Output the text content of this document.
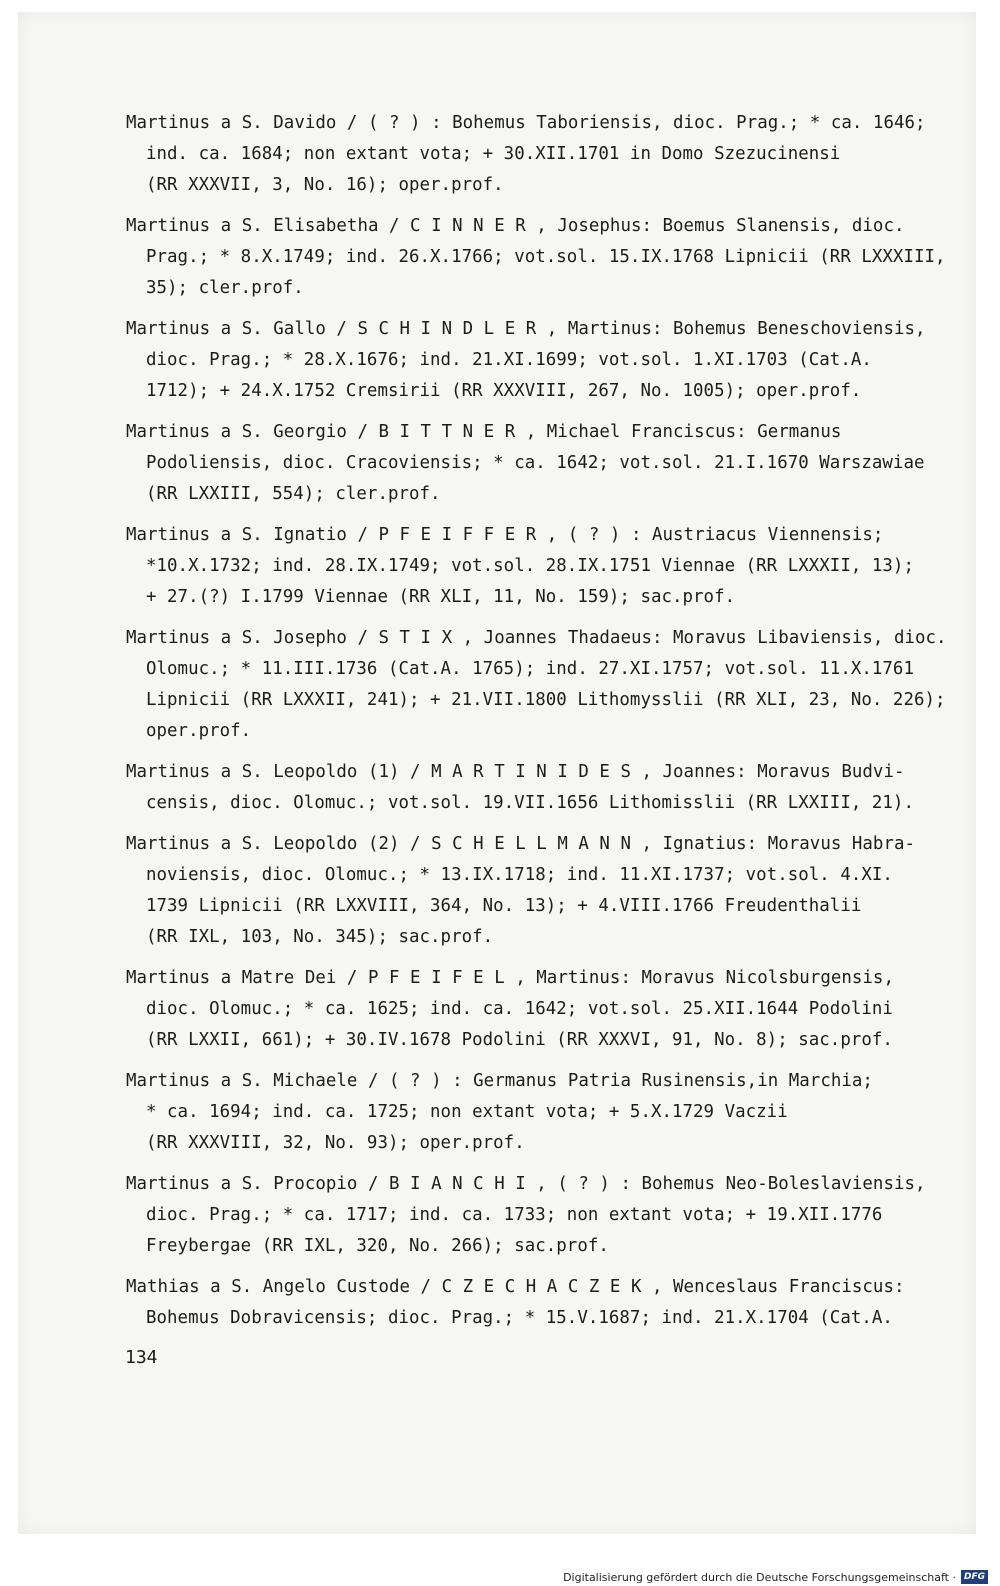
Martinus a S. Davido / ( ? ) : Bohemus Taboriensis, dioc. Prag.; * ca. 1646;
ind. ca. 1684; non extant vota; + 30.XII.1701 in Domo Szezucinensi
(RR XXXVII, 3, No. 16); oper.prof.
Martinus a S. Elisabetha / C I N N E R , Josephus: Boemus Slanensis, dioc.
Prag.; * 8.X.1749; ind. 26.X.1766; vot.sol. 15.IX.1768 Lipnicii (RR LXXXIII,
35); cler.prof.
Martinus a S. Gallo / S C H I N D L E R , Martinus: Bohemus Beneschoviensis,
dioc. Prag.; * 28.X.1676; ind. 21.XI.1699; vot.sol. 1.XI.1703 (Cat.A.
1712); + 24.X.1752 Cremsirii (RR XXXVIII, 267, No. 1005); oper.prof.
Martinus a S. Georgio / B I T T N E R , Michael Franciscus: Germanus
Podoliensis, dioc. Cracoviensis; * ca. 1642; vot.sol. 21.I.1670 Warszawiae
(RR LXXIII, 554); cler.prof.
Martinus a S. Ignatio / P F E I F F E R , ( ? ) : Austriacus Viennensis;
*10.X.1732; ind. 28.IX.1749; vot.sol. 28.IX.1751 Viennae (RR LXXXII, 13);
+ 27.(?) I.1799 Viennae (RR XLI, 11, No. 159); sac.prof.
Martinus a S. Josepho / S T I X , Joannes Thadaeus: Moravus Libaviensis, dioc.
Olomuc.; * 11.III.1736 (Cat.A. 1765); ind. 27.XI.1757; vot.sol. 11.X.1761
Lipnicii (RR LXXXII, 241); + 21.VII.1800 Lithomysslii (RR XLI, 23, No. 226);
oper.prof.
Martinus a S. Leopoldo (1) / M A R T I N I D E S , Joannes: Moravus Budvi-
censis, dioc. Olomuc.; vot.sol. 19.VII.1656 Lithomisslii (RR LXXIII, 21).
Martinus a S. Leopoldo (2) / S C H E L L M A N N , Ignatius: Moravus Habra-
noviensis, dioc. Olomuc.; * 13.IX.1718; ind. 11.XI.1737; vot.sol. 4.XI.
1739 Lipnicii (RR LXXVIII, 364, No. 13); + 4.VIII.1766 Freudenthalii
(RR IXL, 103, No. 345); sac.prof.
Martinus a Matre Dei / P F E I F E L , Martinus: Moravus Nicolsburgensis,
dioc. Olomuc.; * ca. 1625; ind. ca. 1642; vot.sol. 25.XII.1644 Podolini
(RR LXXII, 661); + 30.IV.1678 Podolini (RR XXXVI, 91, No. 8); sac.prof.
Martinus a S. Michaele / ( ? ) : Germanus Patria Rusinensis,in Marchia;
* ca. 1694; ind. ca. 1725; non extant vota; + 5.X.1729 Vaczii
(RR XXXVIII, 32, No. 93); oper.prof.
Martinus a S. Procopio / B I A N C H I , ( ? ) : Bohemus Neo-Boleslaviensis,
dioc. Prag.; * ca. 1717; ind. ca. 1733; non extant vota; + 19.XII.1776
Freybergae (RR IXL, 320, No. 266); sac.prof.
Mathias a S. Angelo Custode / C Z E C H A C Z E K , Wenceslaus Franciscus:
Bohemus Dobravicensis; dioc. Prag.; * 15.V.1687; ind. 21.X.1704 (Cat.A.
134
Digitalisierung gefördert durch die Deutsche Forschungsgemeinschaft · DFG
